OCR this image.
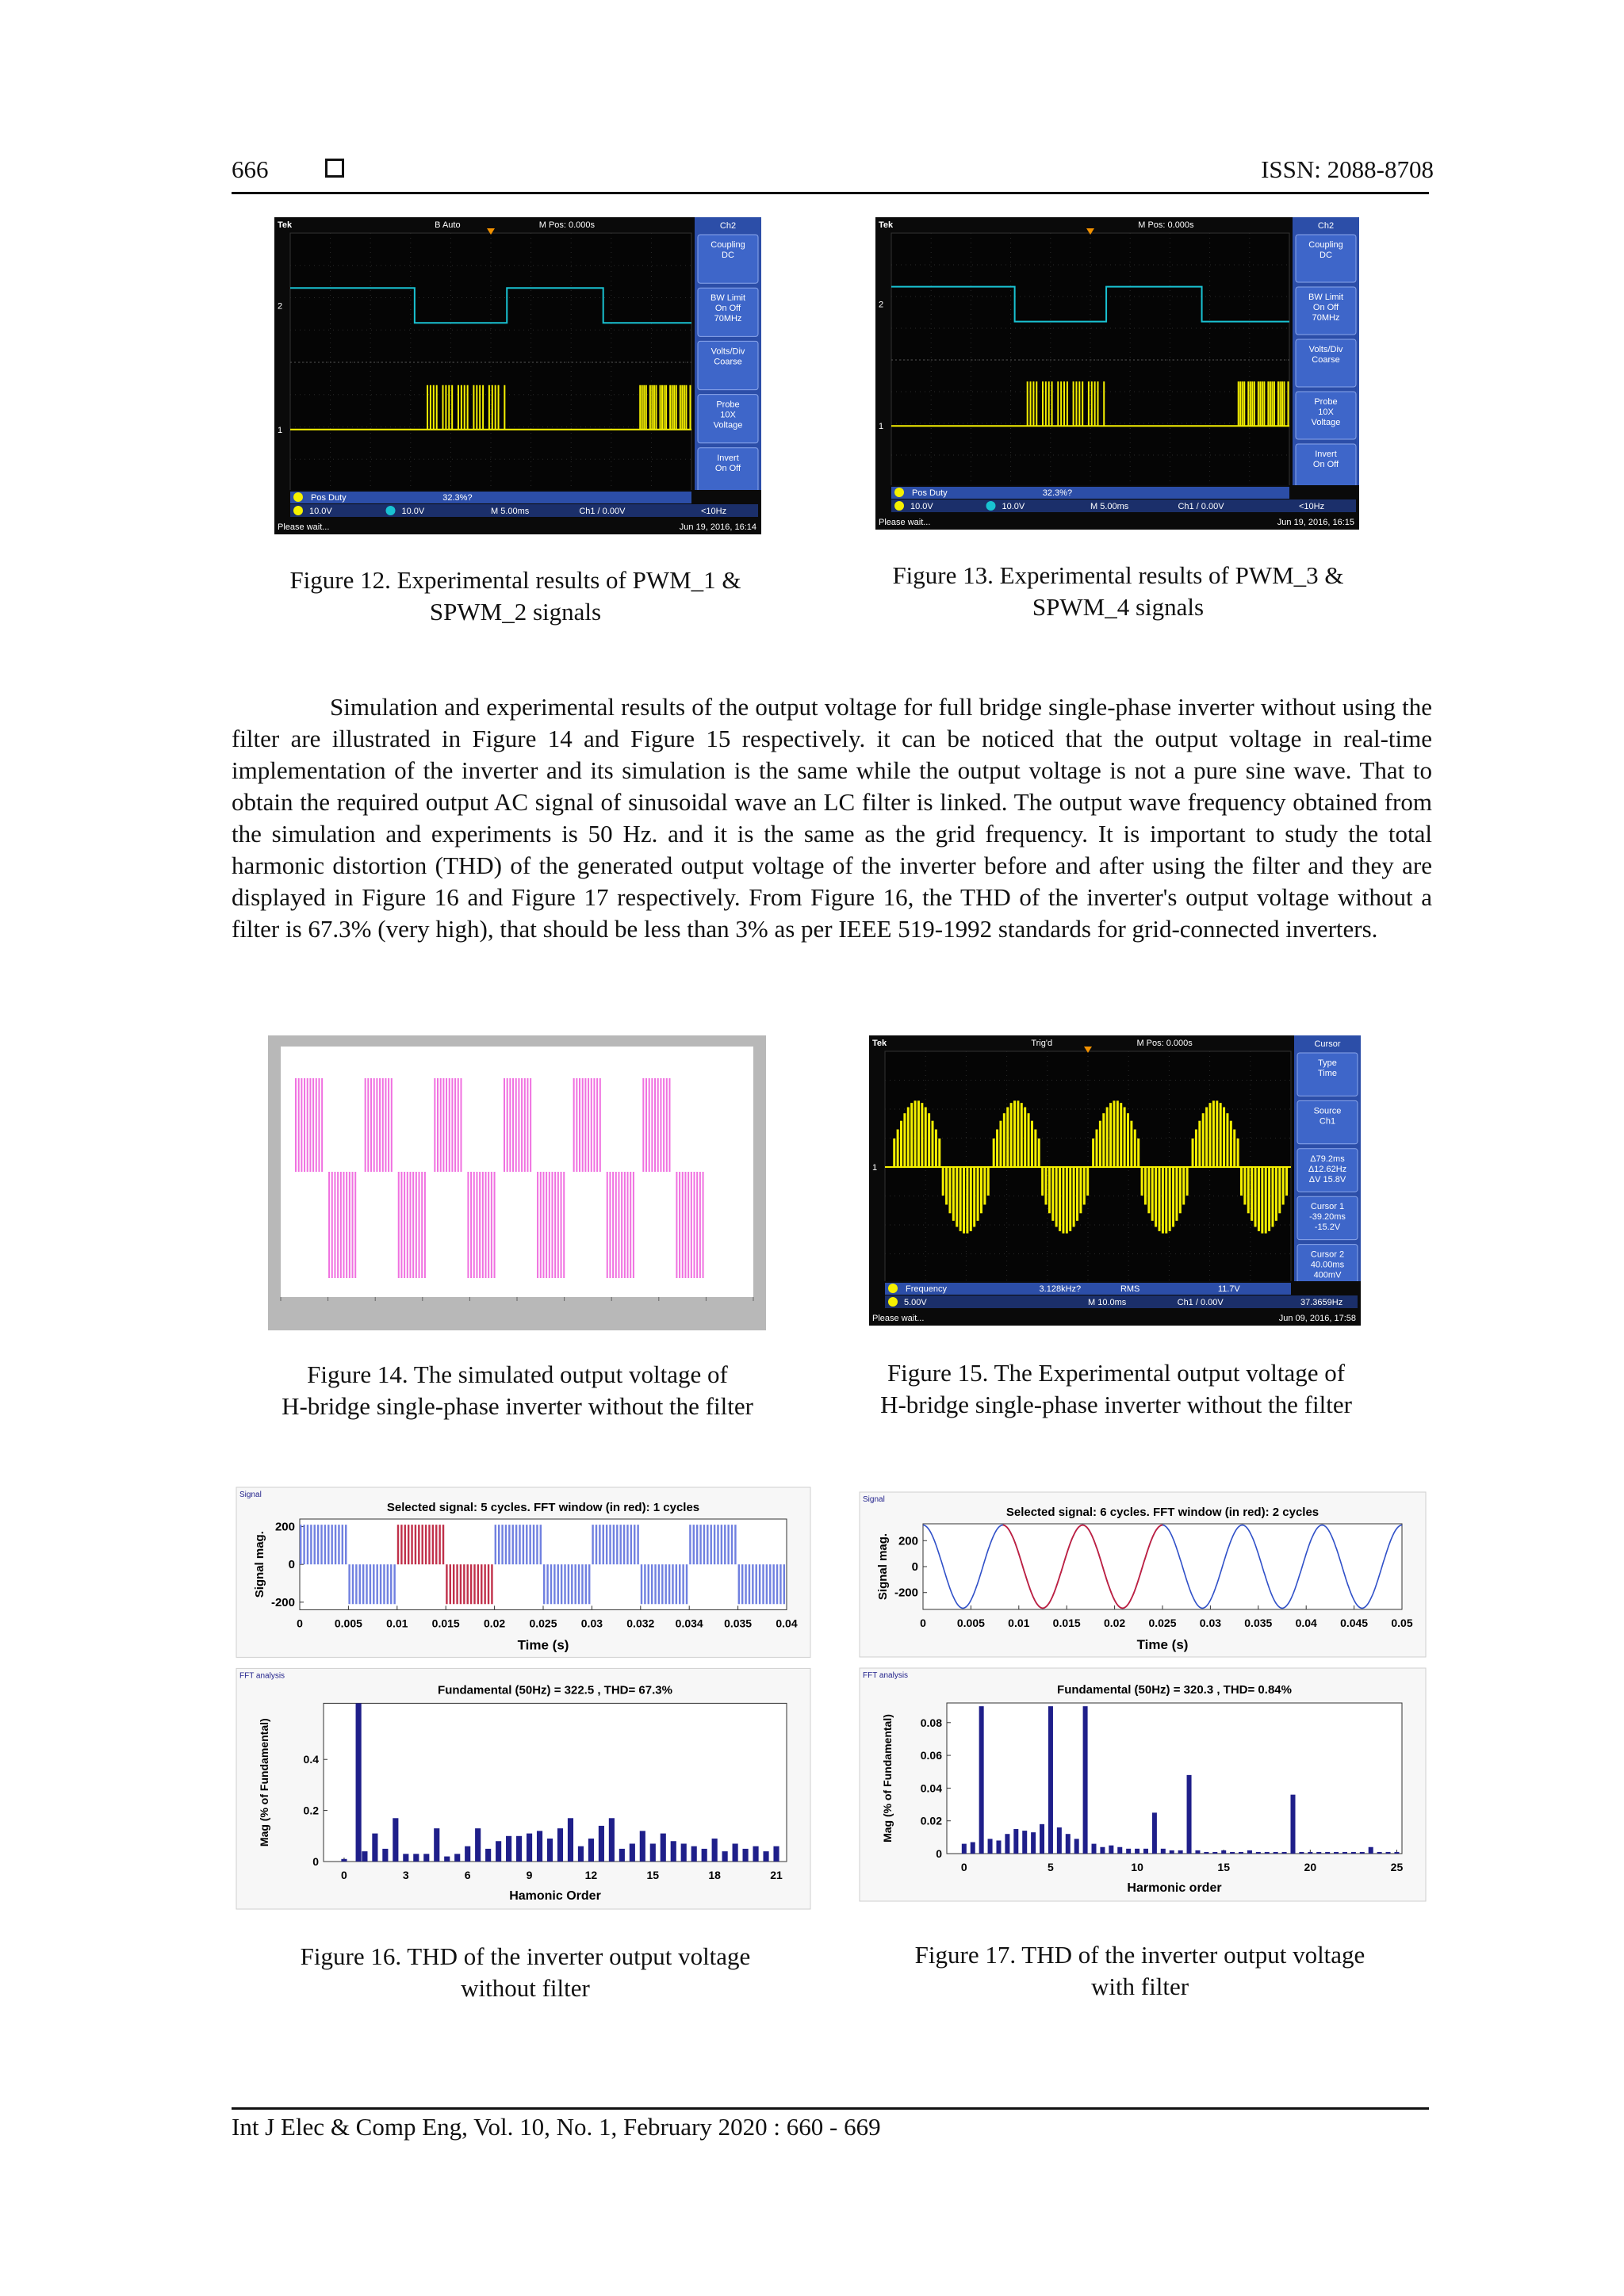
666	ISSN: 2088-8708
Tek	B Auto	M Pos: 0.000s
2
1
Ch2
Coupling
DC
BW Limit
On Off
70MHz
Volts/Div
Coarse
Probe
10X
Voltage
Invert
On Off
Pos Duty	32.3%?
10.0V	10.0V	M 5.00ms	Ch1 / 0.00V	<10Hz
Please wait...	Jun 19, 2016, 16:14
Figure 12. Experimental results of PWM_1 &
SPWM_2 signals
Tek	M Pos: 0.000s
2
1
Ch2
Coupling
DC
BW Limit
On Off
70MHz
Volts/Div
Coarse
Probe
10X
Voltage
Invert
On Off
Pos Duty	32.3%?
10.0V	10.0V	M 5.00ms	Ch1 / 0.00V	<10Hz
Please wait...	Jun 19, 2016, 16:15
Figure 13. Experimental results of PWM_3 &
SPWM_4 signals

Simulation and experimental results of the output voltage for full bridge single-phase inverter without using the filter are illustrated in Figure 14 and Figure 15 respectively. it can be noticed that the output voltage in real-time implementation of the inverter and its simulation is the same while the output voltage is not a pure sine wave. That to obtain the required output AC signal of sinusoidal wave an LC filter is linked. The output wave frequency obtained from the simulation and experiments is 50 Hz. and it is the same as the grid frequency. It is important to study the total harmonic distortion (THD) of the generated output voltage of the inverter before and after using the filter and they are displayed in Figure 16 and Figure 17 respectively. From Figure 16, the THD of the inverter's output voltage without a filter is 67.3% (very high), that should be less than 3% as per IEEE 519-1992 standards for grid-connected inverters.

Figure 14. The simulated output voltage of
H-bridge single-phase inverter without the filter
Tek	Trig'd	M Pos: 0.000s
1
Cursor
Type
Time
Source
Ch1
Δ79.2ms
Δ12.62Hz
ΔV 15.8V
Cursor 1
-39.20ms
-15.2V
Cursor 2
40.00ms
400mV
Frequency	3.128kHz?	RMS	11.7V
5.00V	M 10.0ms	Ch1 / 0.00V	37.3659Hz
Please wait...	Jun 09, 2016, 17:58
Figure 15. The Experimental output voltage of
H-bridge single-phase inverter without the filter
Signal
Selected signal: 5 cycles. FFT window (in red): 1 cycles
Time (s)
Signal mag.
200
0
-200
0	0.005 0.01 0.015 0.02 0.025 0.03 0.032 0.034 0.035 0.04
FFT analysis
Fundamental (50Hz) = 322.5 , THD= 67.3%
Hamonic Order
Mag (% of Fundamental)
0
0.2
0.4
0	3	6	9	12	15	18	21
Figure 16. THD of the inverter output voltage
without filter
Signal
Selected signal: 6 cycles. FFT window (in red): 2 cycles
Time (s)
Signal mag. 200
0
-200
0	0.005 0.01 0.015 0.02 0.025 0.03 0.035 0.04 0.045 0.05
FFT analysis
Fundamental (50Hz) = 320.3 , THD= 0.84%
Harmonic order
Mag (% of Fundamental)
0
0.02
0.04
0.06
0.08
0	5	10	15	20	25
Figure 17. THD of the inverter output voltage
with filter
Int J Elec & Comp Eng, Vol. 10, No. 1, February 2020 : 660 - 669
